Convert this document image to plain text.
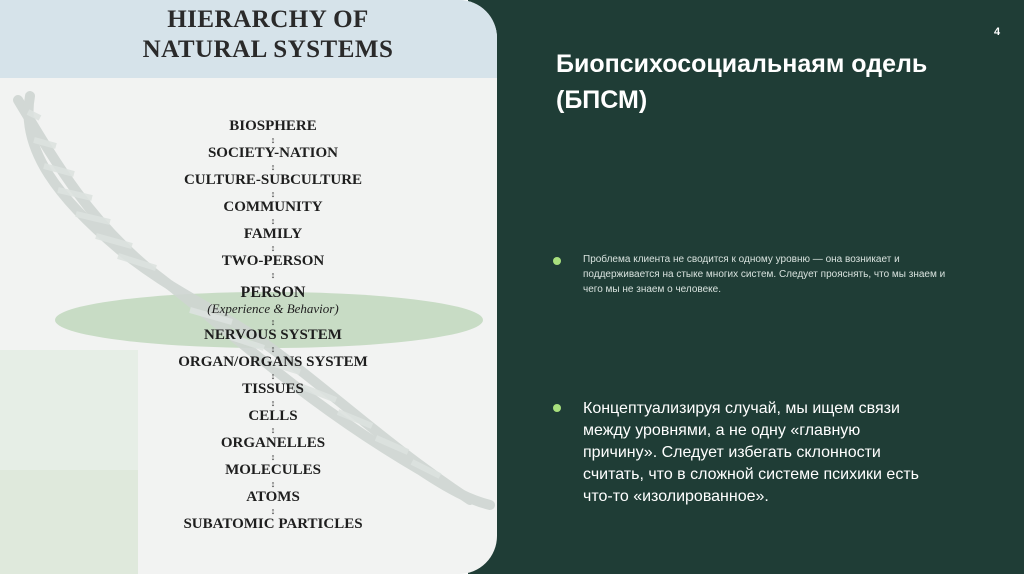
HIERARCHY OF
NATURAL SYSTEMS
BIOSPHERE
↕
SOCIETY-NATION
↕
CULTURE-SUBCULTURE
↕
COMMUNITY
↕
FAMILY
↕
TWO-PERSON
↕
PERSON
(Experience & Behavior)
↕
NERVOUS SYSTEM
↕
ORGAN/ORGANS SYSTEM
↕
TISSUES
↕
CELLS
↕
ORGANELLES
↕
MOLECULES
↕
ATOMS
↕
SUBATOMIC PARTICLES
4
Биопсихосоциальнаям одель (БПСМ)
Проблема клиента не сводится к одному уровню — она возникает и поддерживается на стыке многих систем. Следует прояснять, что мы знаем и чего мы не знаем о человеке.
Концептуализируя случай, мы ищем связи между уровнями, а не одну «главную причину». Следует избегать склонности считать, что в сложной системе психики есть что-то «изолированное».
